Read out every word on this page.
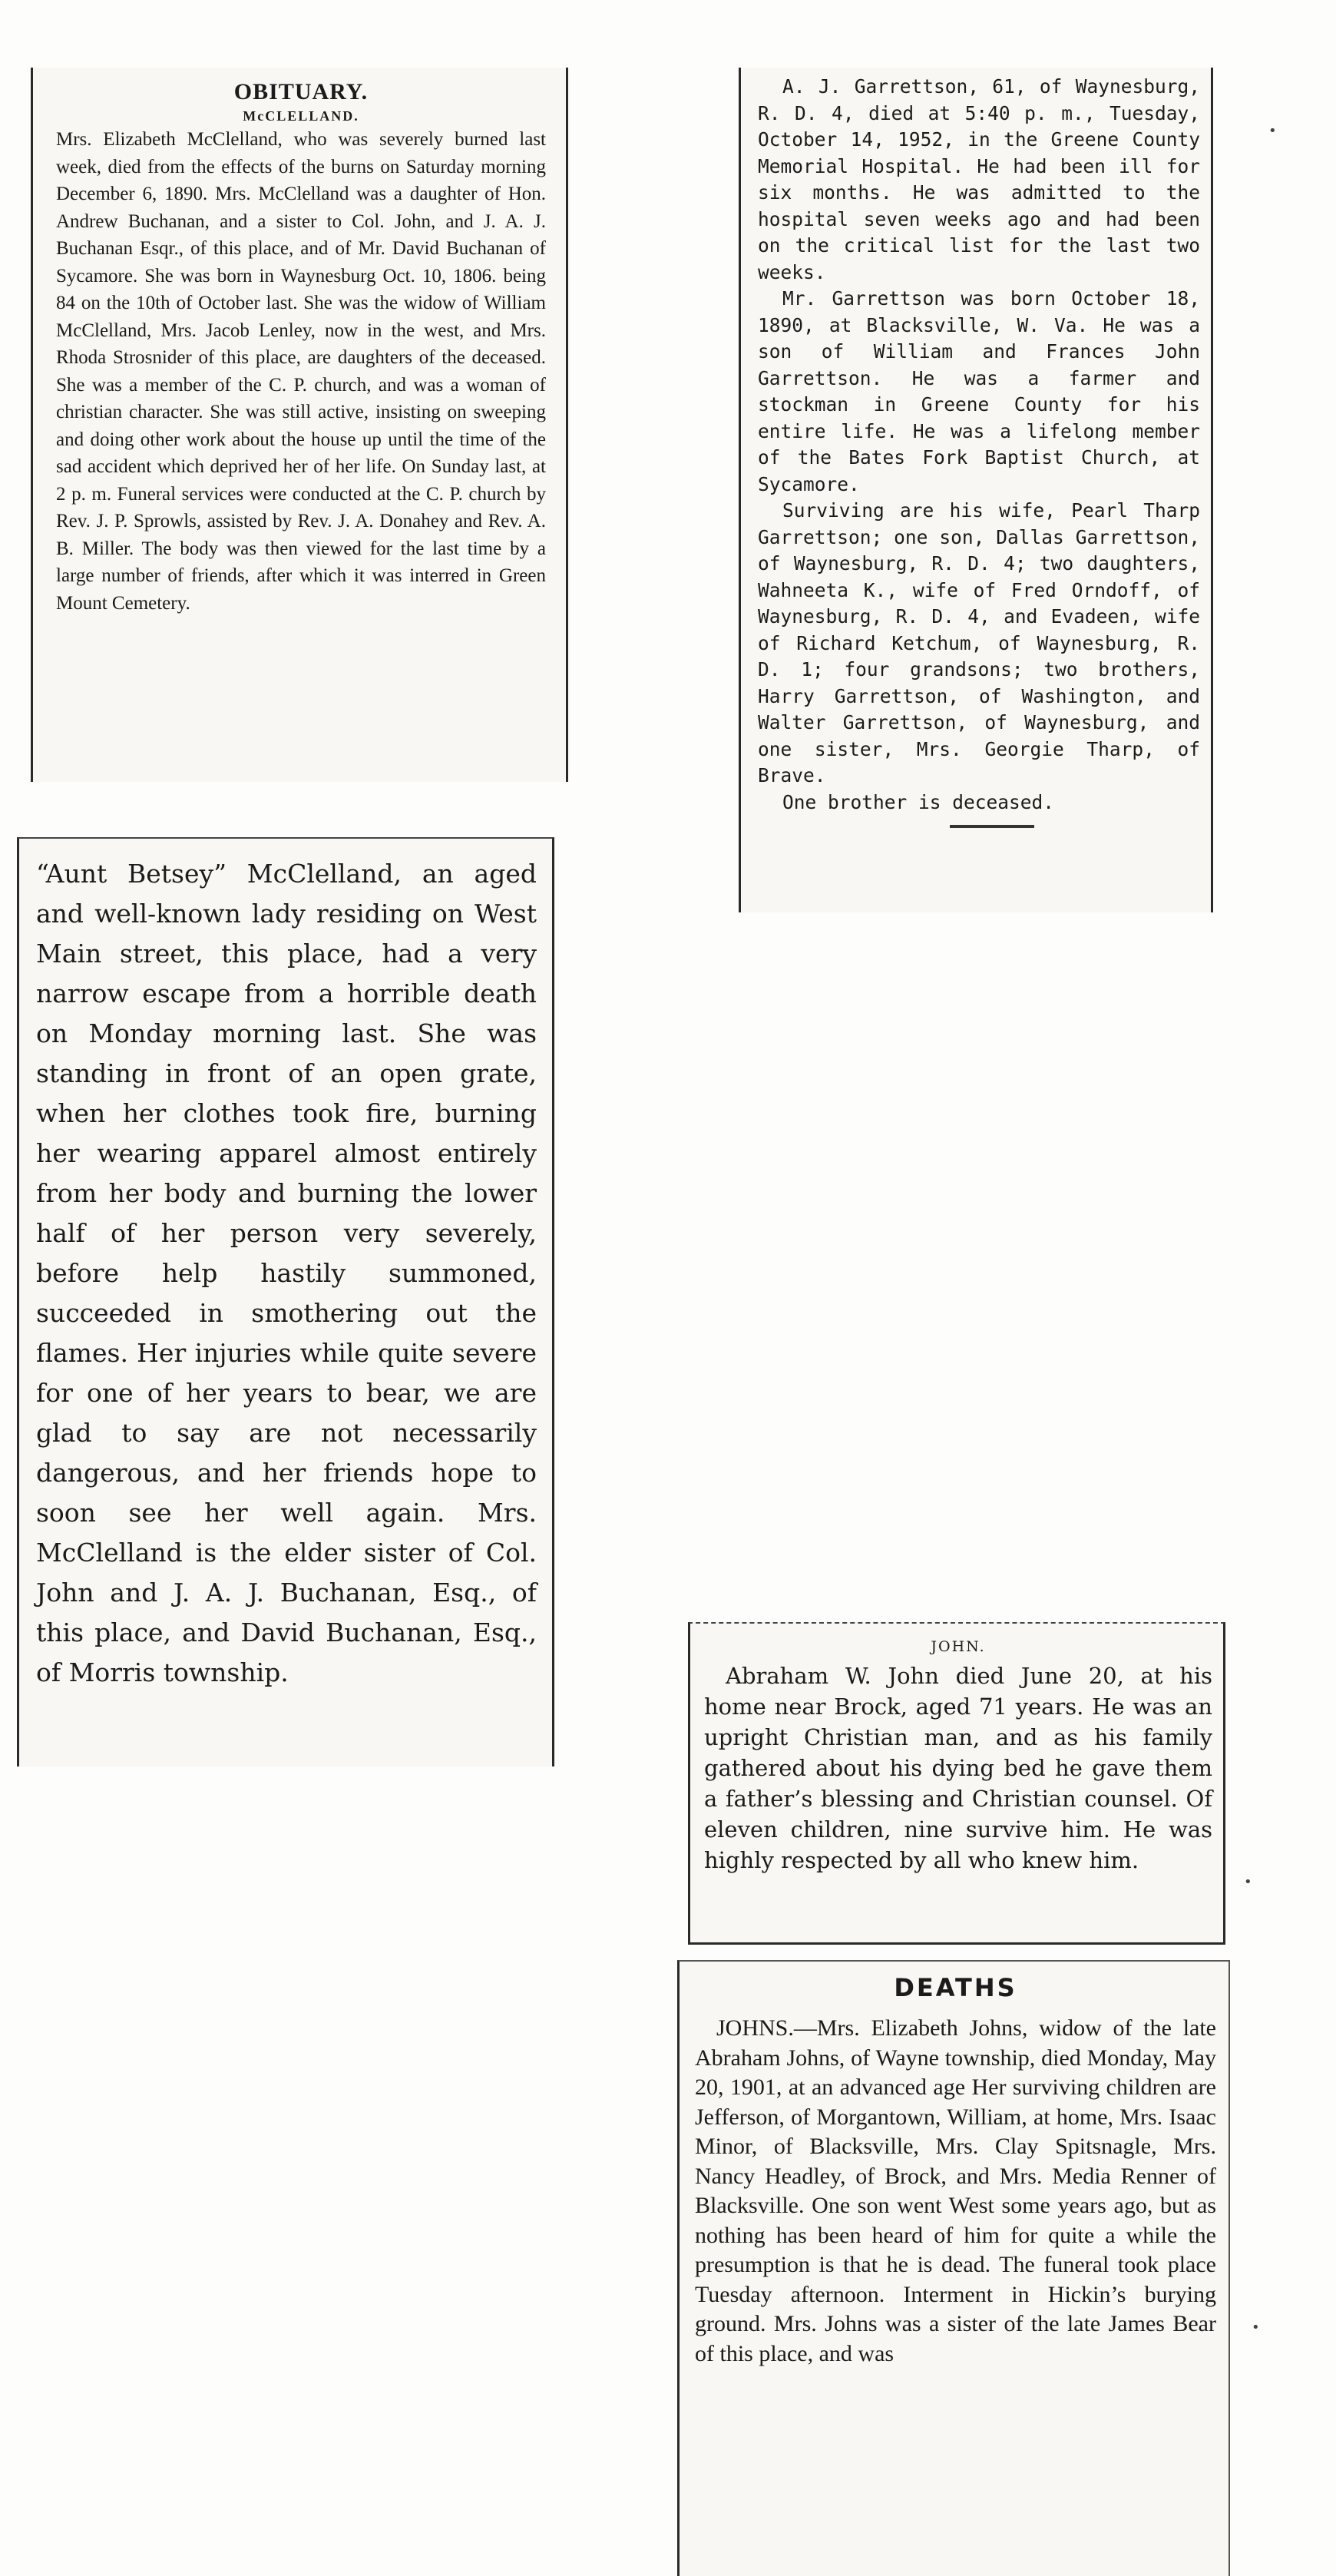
OBITUARY.
McCLELLAND.

Mrs. Elizabeth McClelland, who was severely burned last week, died from the effects of the burns on Saturday morning December 6, 1890. Mrs. McClelland was a daughter of Hon. Andrew Buchanan, and a sister to Col. John, and J. A. J. Buchanan Esqr., of this place, and of Mr. David Buchanan of Sycamore. She was born in Waynesburg Oct. 10, 1806. being 84 on the 10th of October last. She was the widow of William McClelland, Mrs. Jacob Lenley, now in the west, and Mrs. Rhoda Strosnider of this place, are daughters of the deceased. She was a member of the C. P. church, and was a woman of christian character. She was still active, insisting on sweeping and doing other work about the house up until the time of the sad accident which deprived her of her life. On Sunday last, at 2 p. m. Funeral services were conducted at the C. P. church by Rev. J. P. Sprowls, assisted by Rev. J. A. Donahey and Rev. A. B. Miller. The body was then viewed for the last time by a large number of friends, after which it was interred in Green Mount Cemetery.

“Aunt Betsey” McClelland, an aged and well-known lady residing on West Main street, this place, had a very narrow escape from a horrible death on Monday morning last. She was standing in front of an open grate, when her clothes took fire, burning her wearing apparel almost entirely from her body and burning the lower half of her person very severely, before help hastily summoned, succeeded in smothering out the flames. Her injuries while quite severe for one of her years to bear, we are glad to say are not necessarily dangerous, and her friends hope to soon see her well again. Mrs. McClelland is the elder sister of Col. John and J. A. J. Buchanan, Esq., of this place, and David Buchanan, Esq., of Morris township.

A. J. Garrettson, 61, of Waynesburg, R. D. 4, died at 5:40 p. m., Tuesday, October 14, 1952, in the Greene County Memorial Hospital. He had been ill for six months. He was admitted to the hospital seven weeks ago and had been on the critical list for the last two weeks.

Mr. Garrettson was born October 18, 1890, at Blacksville, W. Va. He was a son of William and Frances John Garrettson. He was a farmer and stockman in Greene County for his entire life. He was a lifelong member of the Bates Fork Baptist Church, at Sycamore.

Surviving are his wife, Pearl Tharp Garrettson; one son, Dallas Garrettson, of Waynesburg, R. D. 4; two daughters, Wahneeta K., wife of Fred Orndoff, of Waynesburg, R. D. 4, and Evadeen, wife of Richard Ketchum, of Waynesburg, R. D. 1; four grandsons; two brothers, Harry Garrettson, of Washington, and Walter Garrettson, of Waynesburg, and one sister, Mrs. Georgie Tharp, of Brave.

One brother is deceased.

JOHN.

Abraham W. John died June 20, at his home near Brock, aged 71 years. He was an upright Christian man, and as his family gathered about his dying bed he gave them a father’s blessing and Christian counsel. Of eleven children, nine survive him. He was highly respected by all who knew him.

DEATHS

JOHNS.—Mrs. Elizabeth Johns, widow of the late Abraham Johns, of Wayne township, died Monday, May 20, 1901, at an advanced age Her surviving children are Jefferson, of Morgantown, William, at home, Mrs. Isaac Minor, of Blacksville, Mrs. Clay Spitsnagle, Mrs. Nancy Headley, of Brock, and Mrs. Media Renner of Blacksville. One son went West some years ago, but as nothing has been heard of him for quite a while the presumption is that he is dead. The funeral took place Tuesday afternoon. Interment in Hickin’s burying ground. Mrs. Johns was a sister of the late James Bear of this place, and was

•
•
•
